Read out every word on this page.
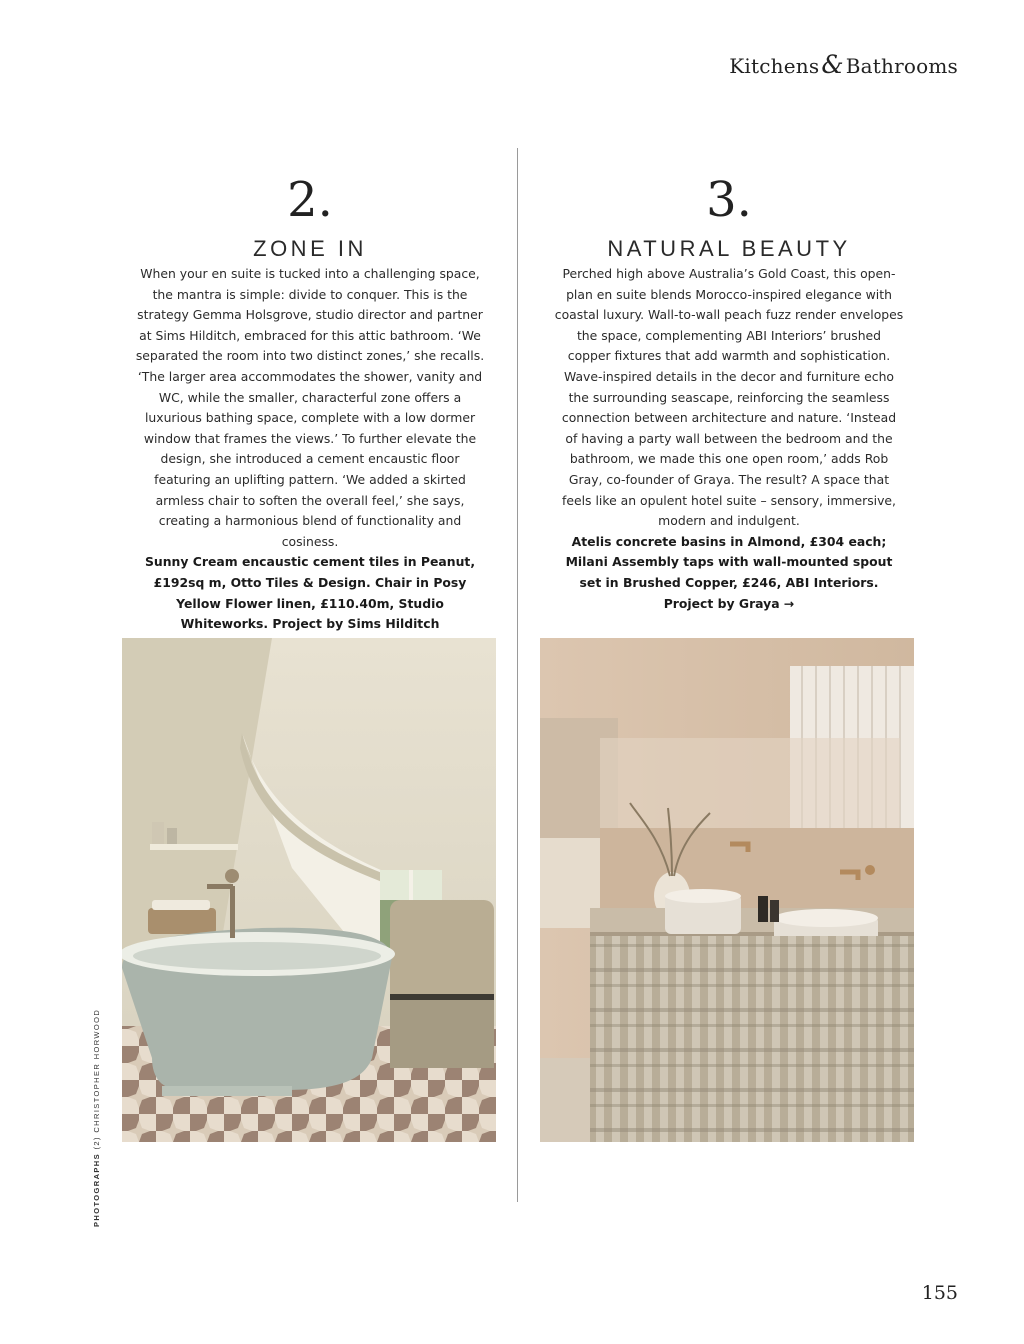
Kitchens& Bathrooms
2.
ZONE IN

When your en suite is tucked into a challenging space, the mantra is simple: divide to conquer. This is the strategy Gemma Holsgrove, studio director and partner at Sims Hilditch, embraced for this attic bathroom. ‘We separated the room into two distinct zones,’ she recalls. ‘The larger area accommodates the shower, vanity and WC, while the smaller, characterful zone offers a luxurious bathing space, complete with a low dormer window that frames the views.’ To further elevate the design, she introduced a cement encaustic floor featuring an uplifting pattern. ‘We added a skirted armless chair to soften the overall feel,’ she says, creating a harmonious blend of functionality and cosiness.

Sunny Cream encaustic cement tiles in Peanut, £192sq m, Otto Tiles & Design. Chair in Posy Yellow Flower linen, £110.40m, Studio Whiteworks. Project by Sims Hilditch

3.
NATURAL BEAUTY

Perched high above Australia’s Gold Coast, this open-plan en suite blends Morocco-inspired elegance with coastal luxury. Wall-to-wall peach fuzz render envelopes the space, complementing ABI Interiors’ brushed copper fixtures that add warmth and sophistication. Wave-inspired details in the decor and furniture echo the surrounding seascape, reinforcing the seamless connection between architecture and nature. ‘Instead of having a party wall between the bedroom and the bathroom, we made this one open room,’ adds Rob Gray, co-founder of Graya. The result? A space that feels like an opulent hotel suite – sensory, immersive, modern and indulgent.

Atelis concrete basins in Almond, £304 each; Milani Assembly taps with wall-mounted spout set in Brushed Copper, £246, ABI Interiors. Project by Graya →

PHOTOGRAPHS (2) CHRISTOPHER HORWOOD
155
